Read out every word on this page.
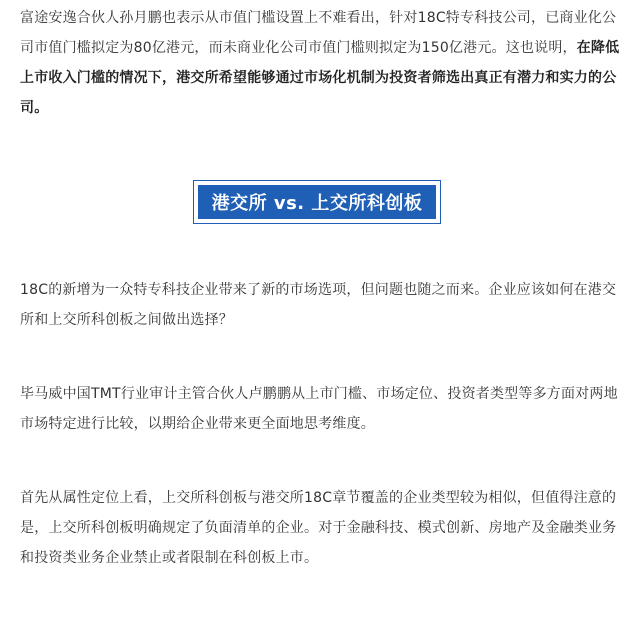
富途安逸合伙人孙月鹏也表示从市值门槛设置上不难看出，针对18C特专科技公司，已商业化公司市值门槛拟定为80亿港元，而未商业化公司市值门槛则拟定为150亿港元。这也说明，在降低上市收入门槛的情况下，港交所希望能够通过市场化机制为投资者筛选出真正有潜力和实力的公司。

港交所 vs. 上交所科创板

18C的新增为一众特专科技企业带来了新的市场选项，但问题也随之而来。企业应该如何在港交所和上交所科创板之间做出选择？

毕马威中国TMT行业审计主管合伙人卢鹏鹏从上市门槛、市场定位、投资者类型等多方面对两地市场特定进行比较，以期给企业带来更全面地思考维度。

首先从属性定位上看，上交所科创板与港交所18C章节覆盖的企业类型较为相似，但值得注意的是，上交所科创板明确规定了负面清单的企业。对于金融科技、模式创新、房地产及金融类业务和投资类业务企业禁止或者限制在科创板上市。
